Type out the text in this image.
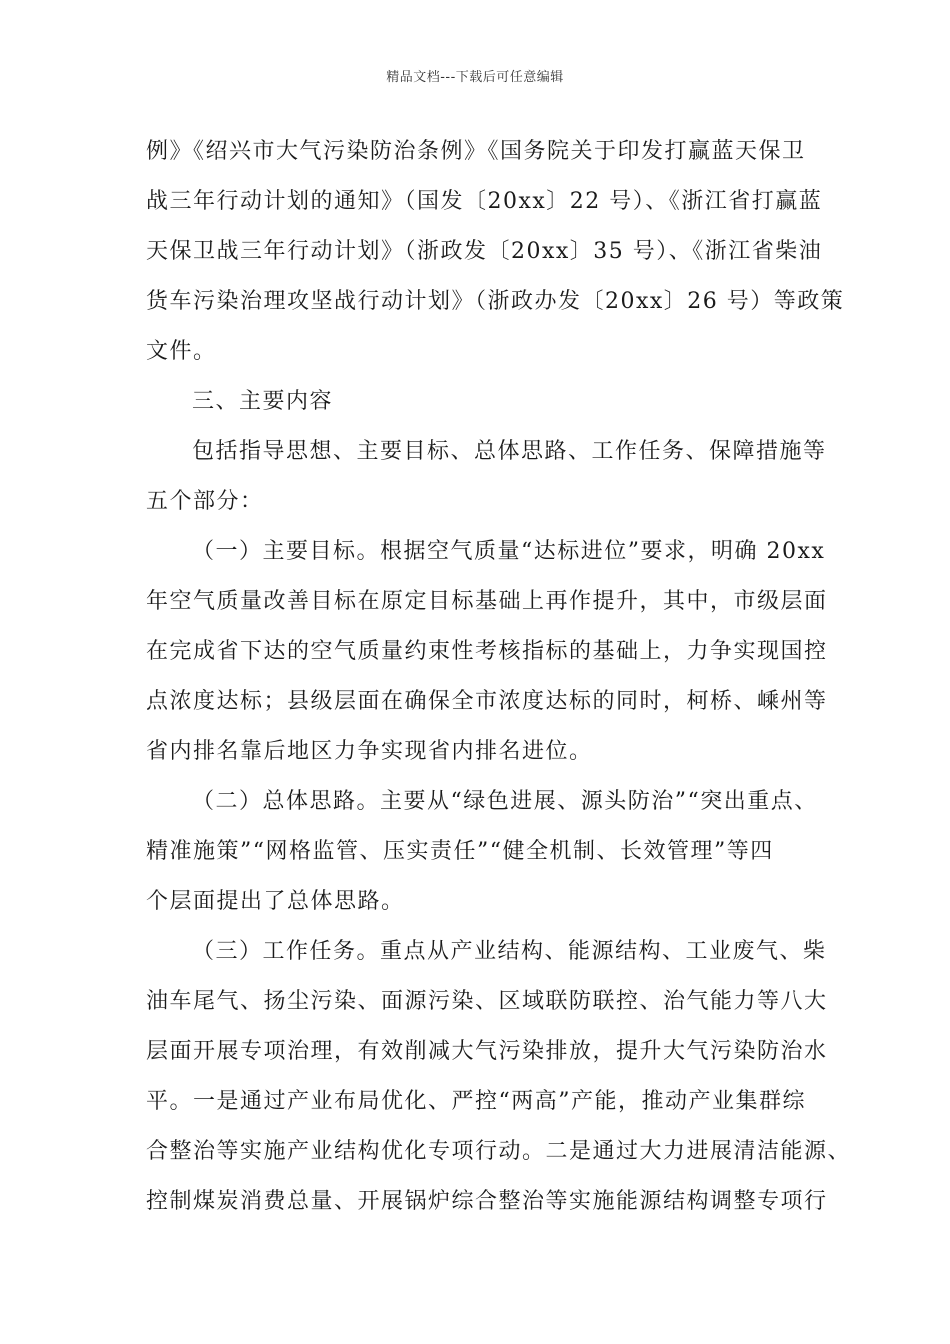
精品文档---下载后可任意编辑
例》《绍兴市大气污染防治条例》《国务院关于印发打赢蓝天保卫
战三年行动计划的通知》（国发〔20xx〕22 号）、《浙江省打赢蓝
天保卫战三年行动计划》（浙政发〔20xx〕35 号）、《浙江省柴油
货车污染治理攻坚战行动计划》（浙政办发〔20xx〕26 号）等政策
文件。
三、主要内容
包括指导思想、主要目标、总体思路、工作任务、保障措施等
五个部分：
（一）主要目标。根据空气质量“达标进位”要求，明确 20xx
年空气质量改善目标在原定目标基础上再作提升，其中，市级层面
在完成省下达的空气质量约束性考核指标的基础上，力争实现国控
点浓度达标；县级层面在确保全市浓度达标的同时，柯桥、嵊州等
省内排名靠后地区力争实现省内排名进位。
（二）总体思路。主要从“绿色进展、源头防治”“突出重点、
精准施策”“网格监管、压实责任”“健全机制、长效管理”等四
个层面提出了总体思路。
（三）工作任务。重点从产业结构、能源结构、工业废气、柴
油车尾气、扬尘污染、面源污染、区域联防联控、治气能力等八大
层面开展专项治理，有效削减大气污染排放，提升大气污染防治水
平。一是通过产业布局优化、严控“两高”产能，推动产业集群综
合整治等实施产业结构优化专项行动。二是通过大力进展清洁能源、
控制煤炭消费总量、开展锅炉综合整治等实施能源结构调整专项行
